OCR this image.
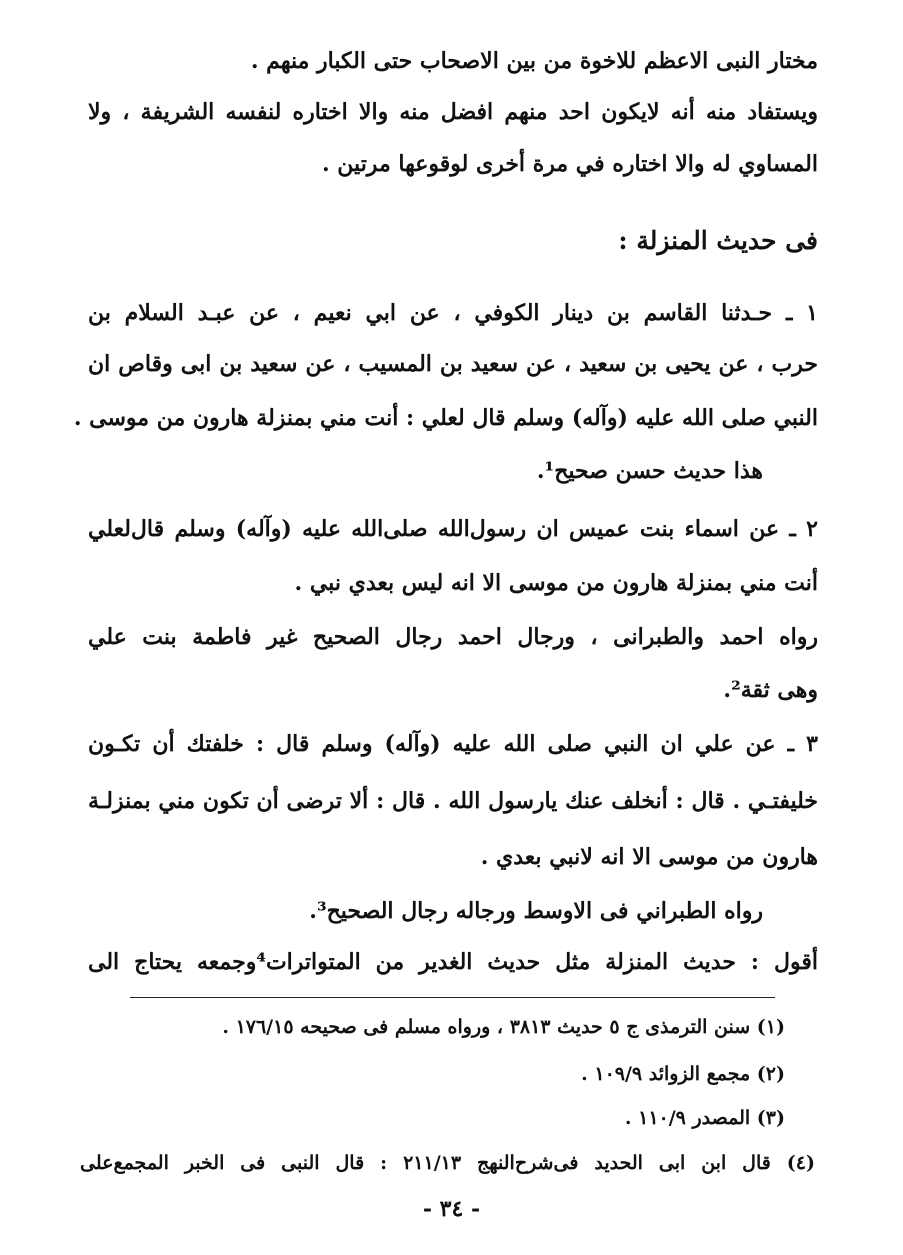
مختار النبى الاعظم للاخوة من بين الاصحاب حتى الكبار منهم .
ويستفاد منه أنه لايكون احد منهم افضل منه والا اختاره لنفسه الشريفة ، ولا
المساوي له والا اختاره في مرة أخرى لوقوعها مرتين .
فى حديث المنزلة :
١ ـ حـدثنا القاسم بن دينار الكوفي ، عن ابي نعيم ، عن عبـد السلام بن
حرب ، عن يحيى بن سعيد ، عن سعيد بن المسيب ، عن سعيد بن ابى وقاص ان
النبي صلى الله عليه (وآله) وسلم قال لعلي : أنت مني بمنزلة هارون من موسى .
هذا حديث حسن صحيح¹.
٢ ـ عن اسماء بنت عميس ان رسول‌الله صلى‌الله عليه (وآله) وسلم قال‌لعلي
أنت مني بمنزلة هارون من موسى الا انه ليس بعدي نبي .
رواه احمد والطبرانى ، ورجال احمد رجال الصحيح غير فاطمة بنت علي
وهى ثقة².
٣ ـ عن علي ان النبي صلى الله عليه (وآله) وسلم قال : خلفتك أن تكـون
خليفتـي . قال : أنخلف عنك يارسول الله . قال : ألا ترضى أن تكون مني بمنزلـة
هارون من موسى الا انه لانبي بعدي .
رواه الطبراني فى الاوسط ورجاله رجال الصحيح³.
أقول : حديث المنزلة مثل حديث الغدير من المتواترات⁴وجمعه يحتاج الى
(١) سنن الترمذى ج ٥ حديث ٣٨١٣ ، ورواه مسلم فى صحيحه ١٧٦/١٥ .
(٢) مجمع الزوائد ١٠٩/٩ .
(٣) المصدر ١١٠/٩ .
(٤) قال ابن ابى الحديد فى‌شرح‌النهج ٢١١/١٣ : قال النبى فى الخبر المجمع‌على
- ٣٤ -
